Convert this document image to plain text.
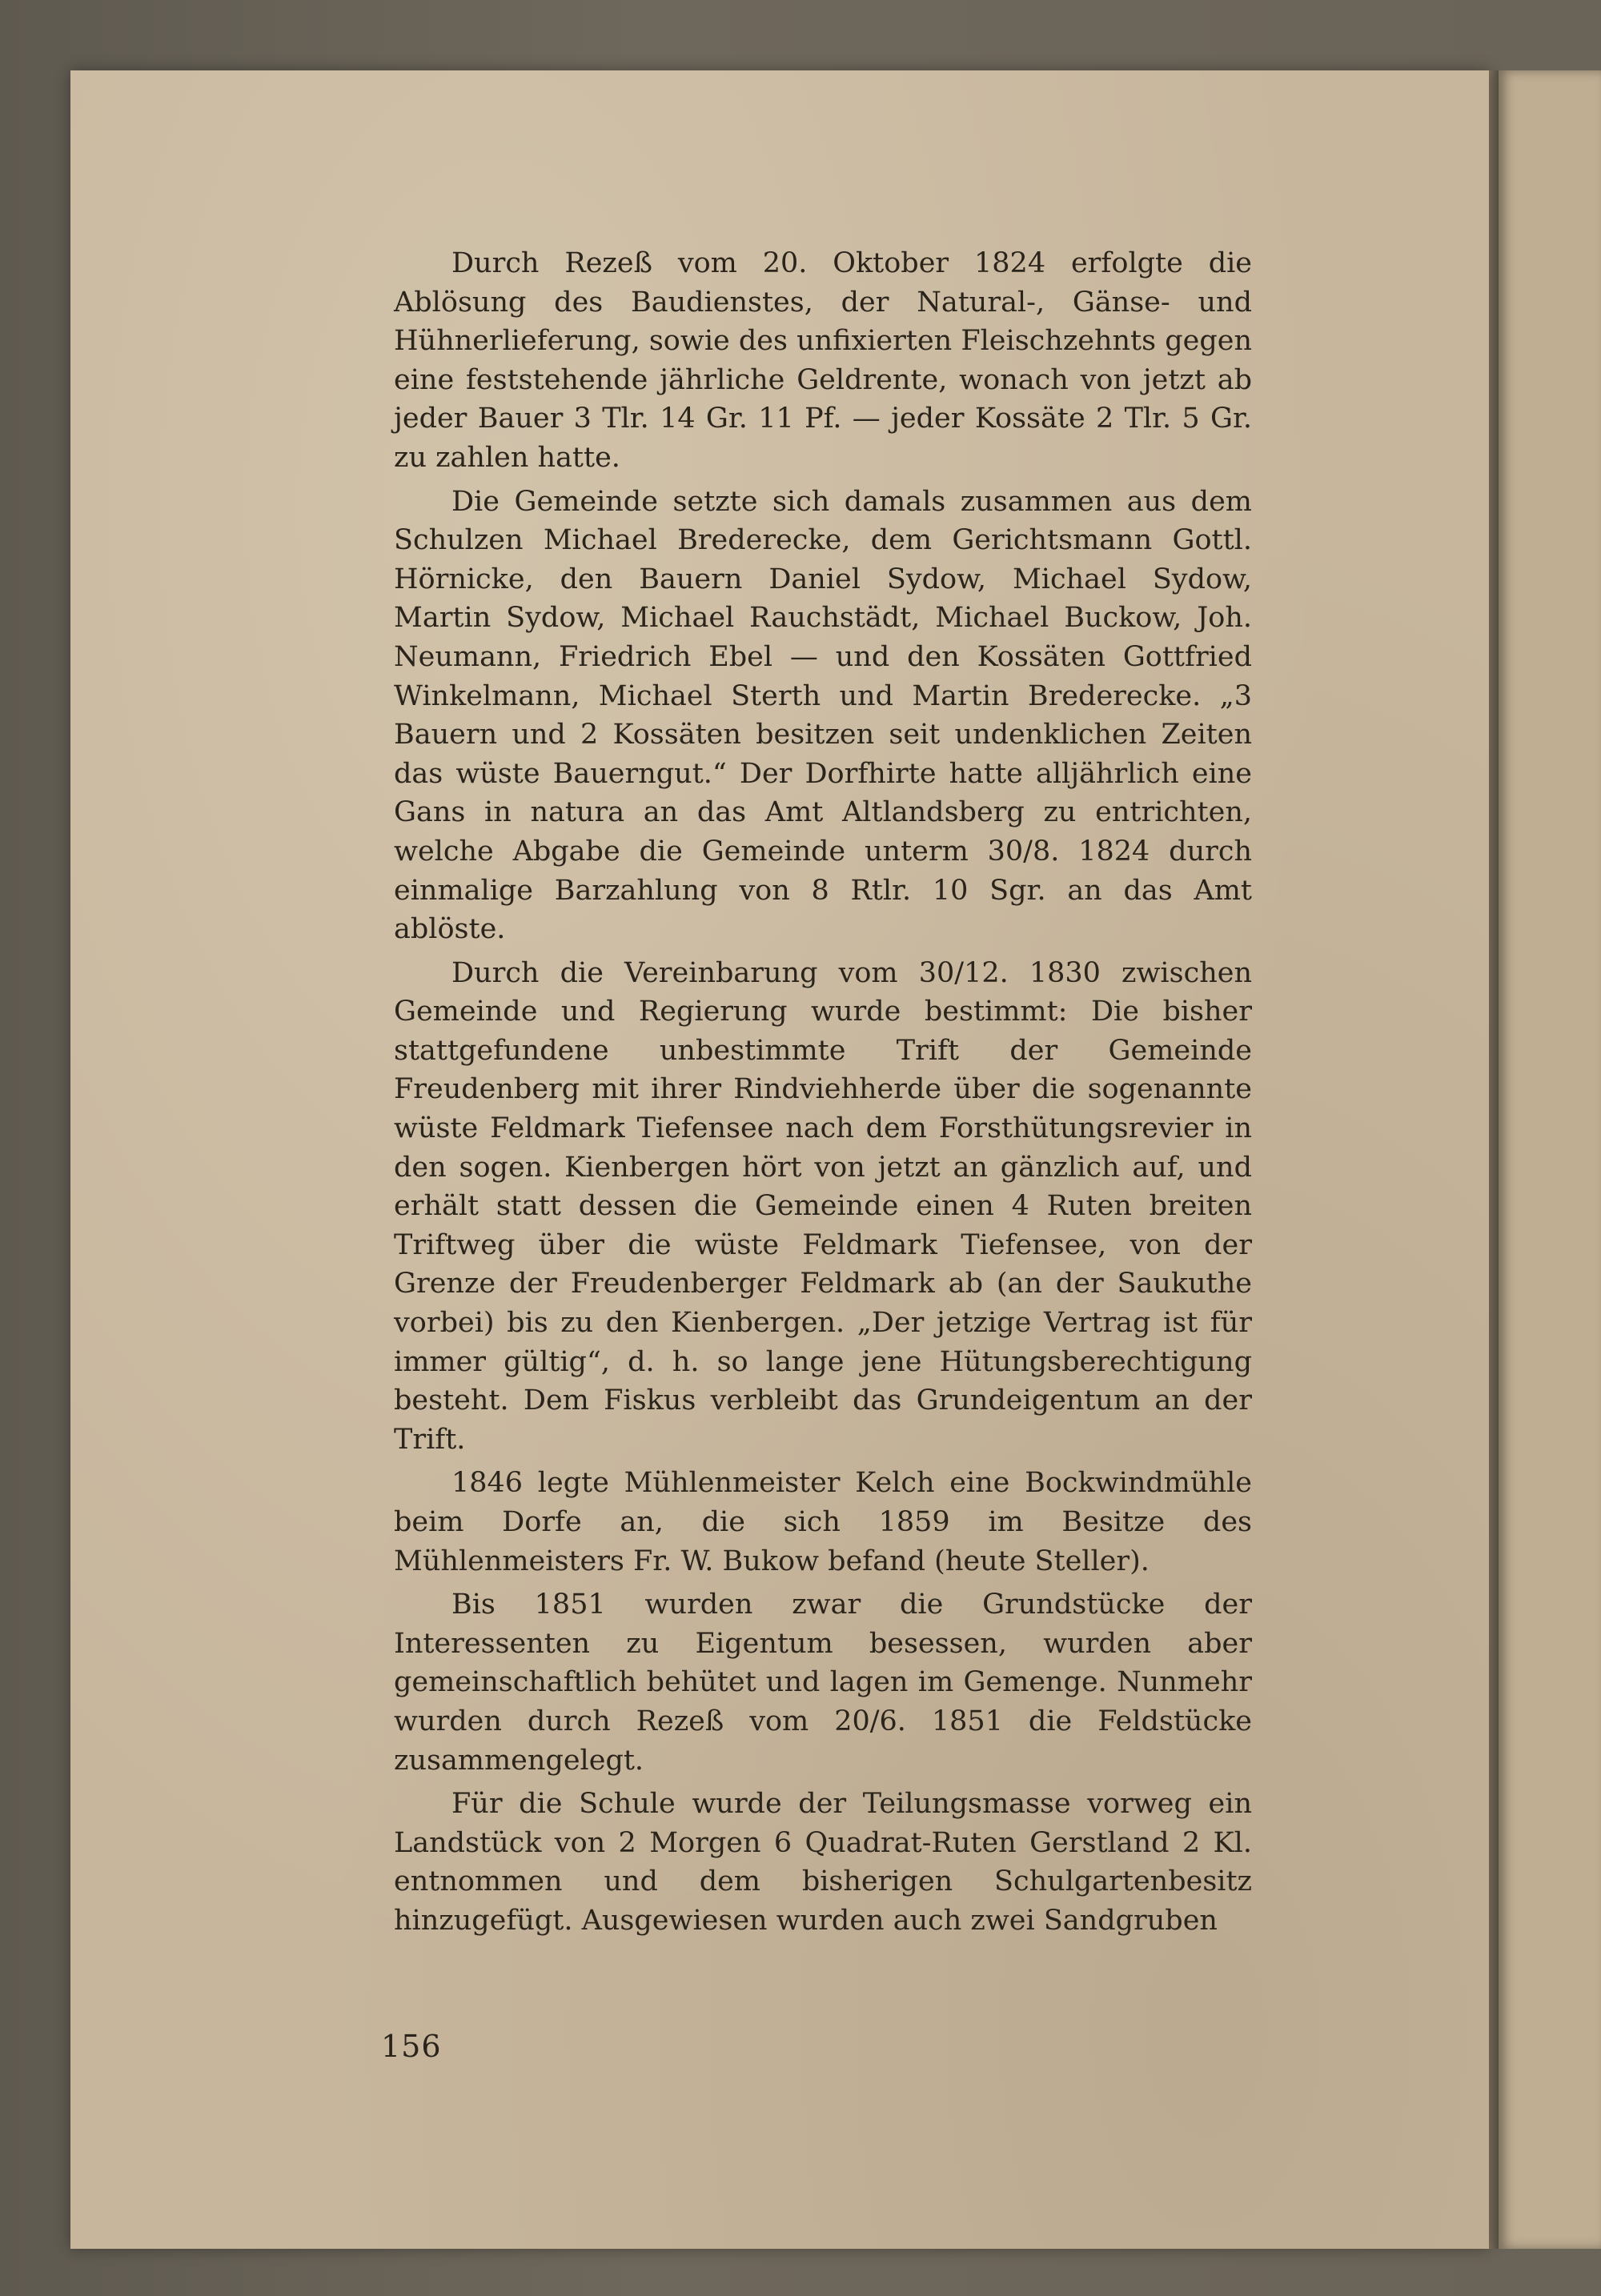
Durch Rezeß vom 20. Oktober 1824 erfolgte die Ablösung des Baudienstes, der Natural-, Gänse- und Hühnerlieferung, sowie des unfixierten Fleischzehnts gegen eine feststehende jährliche Geldrente, wonach von jetzt ab jeder Bauer 3 Tlr. 14 Gr. 11 Pf. — jeder Kossäte 2 Tlr. 5 Gr. zu zahlen hatte.

Die Gemeinde setzte sich damals zusammen aus dem Schulzen Michael Brederecke, dem Gerichtsmann Gottl. Hörnicke, den Bauern Daniel Sydow, Michael Sydow, Martin Sydow, Michael Rauchstädt, Michael Buckow, Joh. Neumann, Friedrich Ebel — und den Kossäten Gottfried Winkelmann, Michael Sterth und Martin Brederecke. „3 Bauern und 2 Kossäten besitzen seit undenklichen Zeiten das wüste Bauerngut.“ Der Dorfhirte hatte alljährlich eine Gans in natura an das Amt Altlandsberg zu entrichten, welche Abgabe die Gemeinde unterm 30/8. 1824 durch einmalige Barzahlung von 8 Rtlr. 10 Sgr. an das Amt ablöste.

Durch die Vereinbarung vom 30/12. 1830 zwischen Gemeinde und Regierung wurde bestimmt: Die bisher stattgefundene unbestimmte Trift der Gemeinde Freudenberg mit ihrer Rindviehherde über die sogenannte wüste Feldmark Tiefensee nach dem Forsthütungsrevier in den sogen. Kienbergen hört von jetzt an gänzlich auf, und erhält statt dessen die Gemeinde einen 4 Ruten breiten Triftweg über die wüste Feldmark Tiefensee, von der Grenze der Freudenberger Feldmark ab (an der Saukuthe vorbei) bis zu den Kienbergen. „Der jetzige Vertrag ist für immer gültig“, d. h. so lange jene Hütungsberechtigung besteht. Dem Fiskus verbleibt das Grundeigentum an der Trift.

1846 legte Mühlenmeister Kelch eine Bockwindmühle beim Dorfe an, die sich 1859 im Besitze des Mühlenmeisters Fr. W. Bukow befand (heute Steller).

Bis 1851 wurden zwar die Grundstücke der Interessenten zu Eigentum besessen, wurden aber gemeinschaftlich behütet und lagen im Gemenge. Nunmehr wurden durch Rezeß vom 20/6. 1851 die Feldstücke zusammengelegt.

Für die Schule wurde der Teilungsmasse vorweg ein Landstück von 2 Morgen 6 Quadrat-Ruten Gerstland 2 Kl. entnommen und dem bisherigen Schulgartenbesitz hinzugefügt. Ausgewiesen wurden auch zwei Sandgruben

156
